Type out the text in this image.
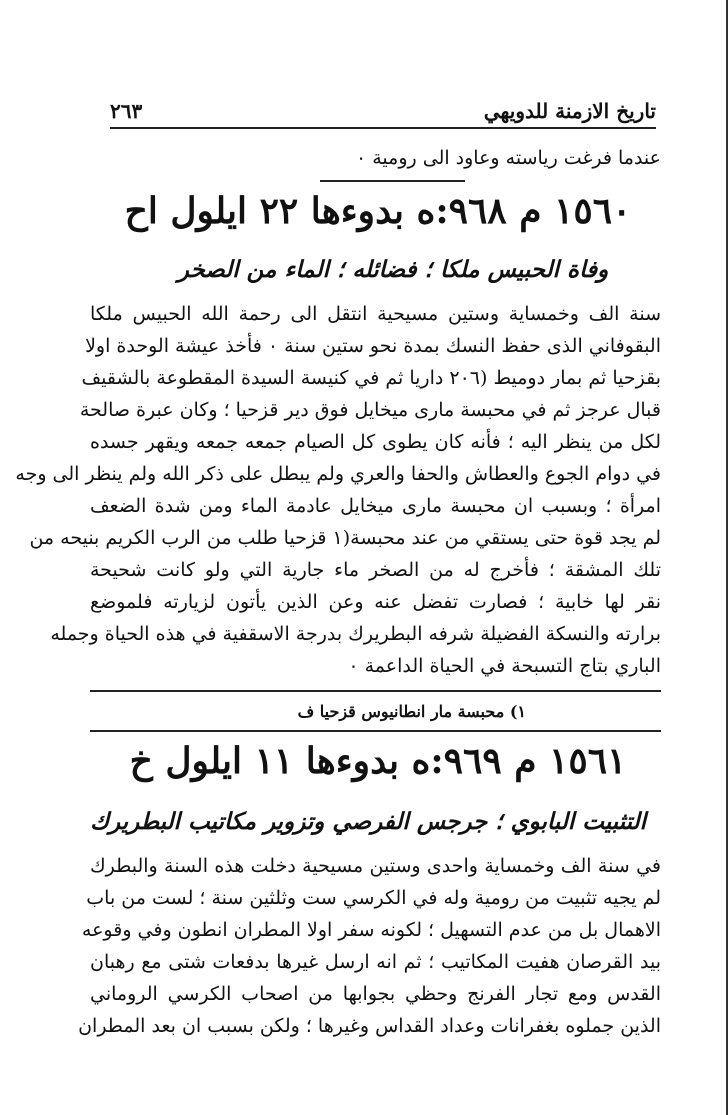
تاريخ الازمنة للدويهي
٢٦٣
عندما فرغت رياسته وعاود الى رومية ٠
١٥٦٠ م ٩٦٨:ه بدوءها ٢٢ ايلول اح
وفاة الحبيس ملكا ؛ فضائله ؛ الماء من الصخر
سنة الف وخمساية وستين مسيحية انتقل الى رحمة الله الحبيس ملكا
البقوفاني الذى حفظ النسك بمدة نحو ستين سنة ٠ فأخذ عيشة الوحدة اولا
بقزحيا ثم بمار دوميط (٢٠٦ داريا ثم في كنيسة السيدة المقطوعة بالشقيف
قبال عرجز ثم في محبسة مارى ميخايل فوق دير قزحيا ؛ وكان عبرة صالحة
لكل من ينظر اليه ؛ فأنه كان يطوى كل الصيام جمعه جمعه ويقهر جسده
في دوام الجوع والعطاش والحفا والعري ولم يبطل على ذكر الله ولم ينظر الى وجه
امرأة ؛ وبسبب ان محبسة مارى ميخايل عادمة الماء ومن شدة الضعف
لم يجد قوة حتى يستقي من عند محبسة(١ قزحيا طلب من الرب الكريم بنيحه من
تلك المشقة ؛ فأخرج له من الصخر ماء جارية التي ولو كانت شحيحة
نقر لها خابية ؛ فصارت تفضل عنه وعن الذين يأتون لزيارته فلموضع
برارته والنسكة الفضيلة شرفه البطريرك بدرجة الاسقفية في هذه الحياة وجمله
الباري بتاج التسبحة في الحياة الداعمة ٠
١) محبسة مار انطانيوس قزحيا ف
١٥٦١ م ٩٦٩:ه بدوءها ١١ ايلول خ
التثبيت البابوي ؛ جرجس الفرصي وتزوير مكاتيب البطريرك
في سنة الف وخمساية واحدى وستين مسيحية دخلت هذه السنة والبطرك
لم يجيه تثبيت من رومية وله في الكرسي ست وثلثين سنة ؛ لست من باب
الاهمال بل من عدم التسهيل ؛ لكونه سفر اولا المطران انطون وفي وقوعه
بيد القرصان هفيت المكاتيب ؛ ثم انه ارسل غيرها بدفعات شتى مع رهبان
القدس ومع تجار الفرنج وحظي بجوابها من اصحاب الكرسي الروماني
الذين جملوه بغفرانات وعداد القداس وغيرها ؛ ولكن بسبب ان بعد المطران
